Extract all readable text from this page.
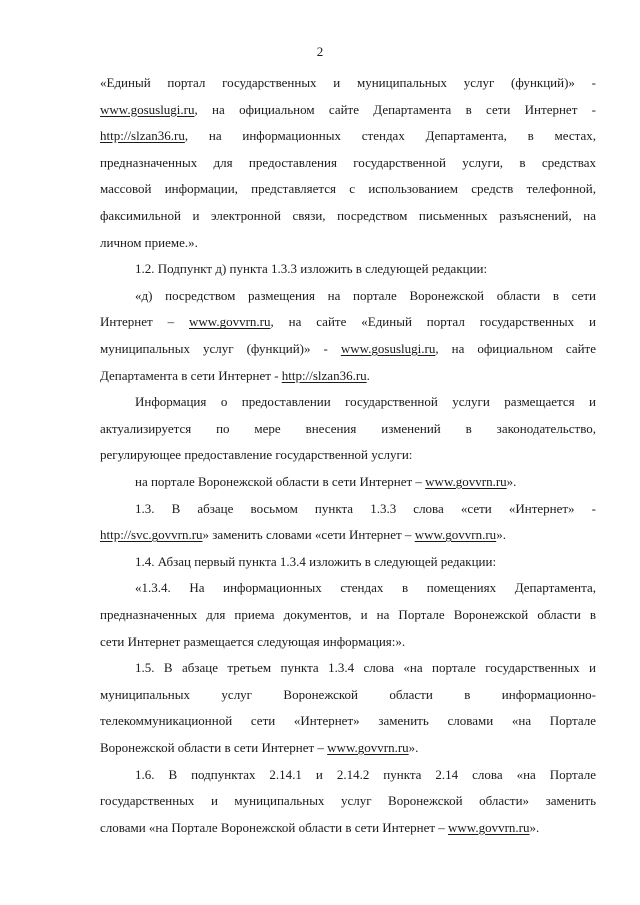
2
«Единый портал государственных и муниципальных услуг (функций)» -
www.gosuslugi.ru, на официальном сайте Департамента в сети Интернет -
http://slzan36.ru, на информационных стендах Департамента, в местах,
предназначенных для предоставления государственной услуги, в средствах
массовой информации, представляется с использованием средств телефонной,
факсимильной и электронной связи, посредством письменных разъяснений, на
личном приеме.».
1.2. Подпункт д) пункта 1.3.3 изложить в следующей редакции:
«д) посредством размещения на портале Воронежской области в сети
Интернет – www.govvrn.ru, на сайте «Единый портал государственных и
муниципальных услуг (функций)» - www.gosuslugi.ru, на официальном сайте
Департамента в сети Интернет - http://slzan36.ru.
Информация о предоставлении государственной услуги размещается и
актуализируется по мере внесения изменений в законодательство,
регулирующее предоставление государственной услуги:
на портале Воронежской области в сети Интернет – www.govvrn.ru».
1.3. В абзаце восьмом пункта 1.3.3 слова «сети «Интернет» -
http://svc.govvrn.ru» заменить словами «сети Интернет – www.govvrn.ru».
1.4. Абзац первый пункта 1.3.4 изложить в следующей редакции:
«1.3.4. На информационных стендах в помещениях Департамента,
предназначенных для приема документов, и на Портале Воронежской области в
сети Интернет размещается следующая информация:».
1.5. В абзаце третьем пункта 1.3.4 слова «на портале государственных и
муниципальных услуг Воронежской области в информационно-
телекоммуникационной сети «Интернет» заменить словами «на Портале
Воронежской области в сети Интернет – www.govvrn.ru».
1.6. В подпунктах 2.14.1 и 2.14.2 пункта 2.14 слова «на Портале
государственных и муниципальных услуг Воронежской области» заменить
словами «на Портале Воронежской области в сети Интернет – www.govvrn.ru».
